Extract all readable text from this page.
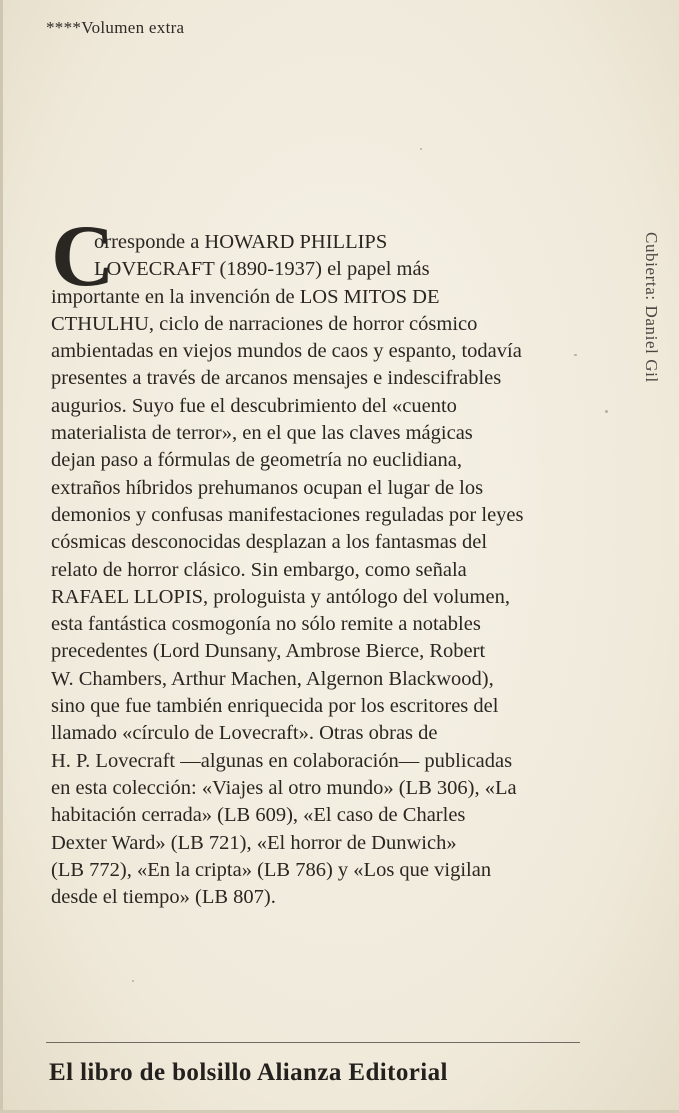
****Volumen extra
C
orresponde a HOWARD PHILLIPS
LOVECRAFT (1890-1937) el papel más
importante en la invención de LOS MITOS DE
CTHULHU, ciclo de narraciones de horror cósmico
ambientadas en viejos mundos de caos y espanto, todavía
presentes a través de arcanos mensajes e indescifrables
augurios. Suyo fue el descubrimiento del «cuento
materialista de terror», en el que las claves mágicas
dejan paso a fórmulas de geometría no euclidiana,
extraños híbridos prehumanos ocupan el lugar de los
demonios y confusas manifestaciones reguladas por leyes
cósmicas desconocidas desplazan a los fantasmas del
relato de horror clásico. Sin embargo, como señala
RAFAEL LLOPIS, prologuista y antólogo del volumen,
esta fantástica cosmogonía no sólo remite a notables
precedentes (Lord Dunsany, Ambrose Bierce, Robert
W. Chambers, Arthur Machen, Algernon Blackwood),
sino que fue también enriquecida por los escritores del
llamado «círculo de Lovecraft». Otras obras de
H. P. Lovecraft —algunas en colaboración— publicadas
en esta colección: «Viajes al otro mundo» (LB 306), «La
habitación cerrada» (LB 609), «El caso de Charles
Dexter Ward» (LB 721), «El horror de Dunwich»
(LB 772), «En la cripta» (LB 786) y «Los que vigilan
desde el tiempo» (LB 807).
Cubierta: Daniel Gil
El libro de bolsillo Alianza Editorial
